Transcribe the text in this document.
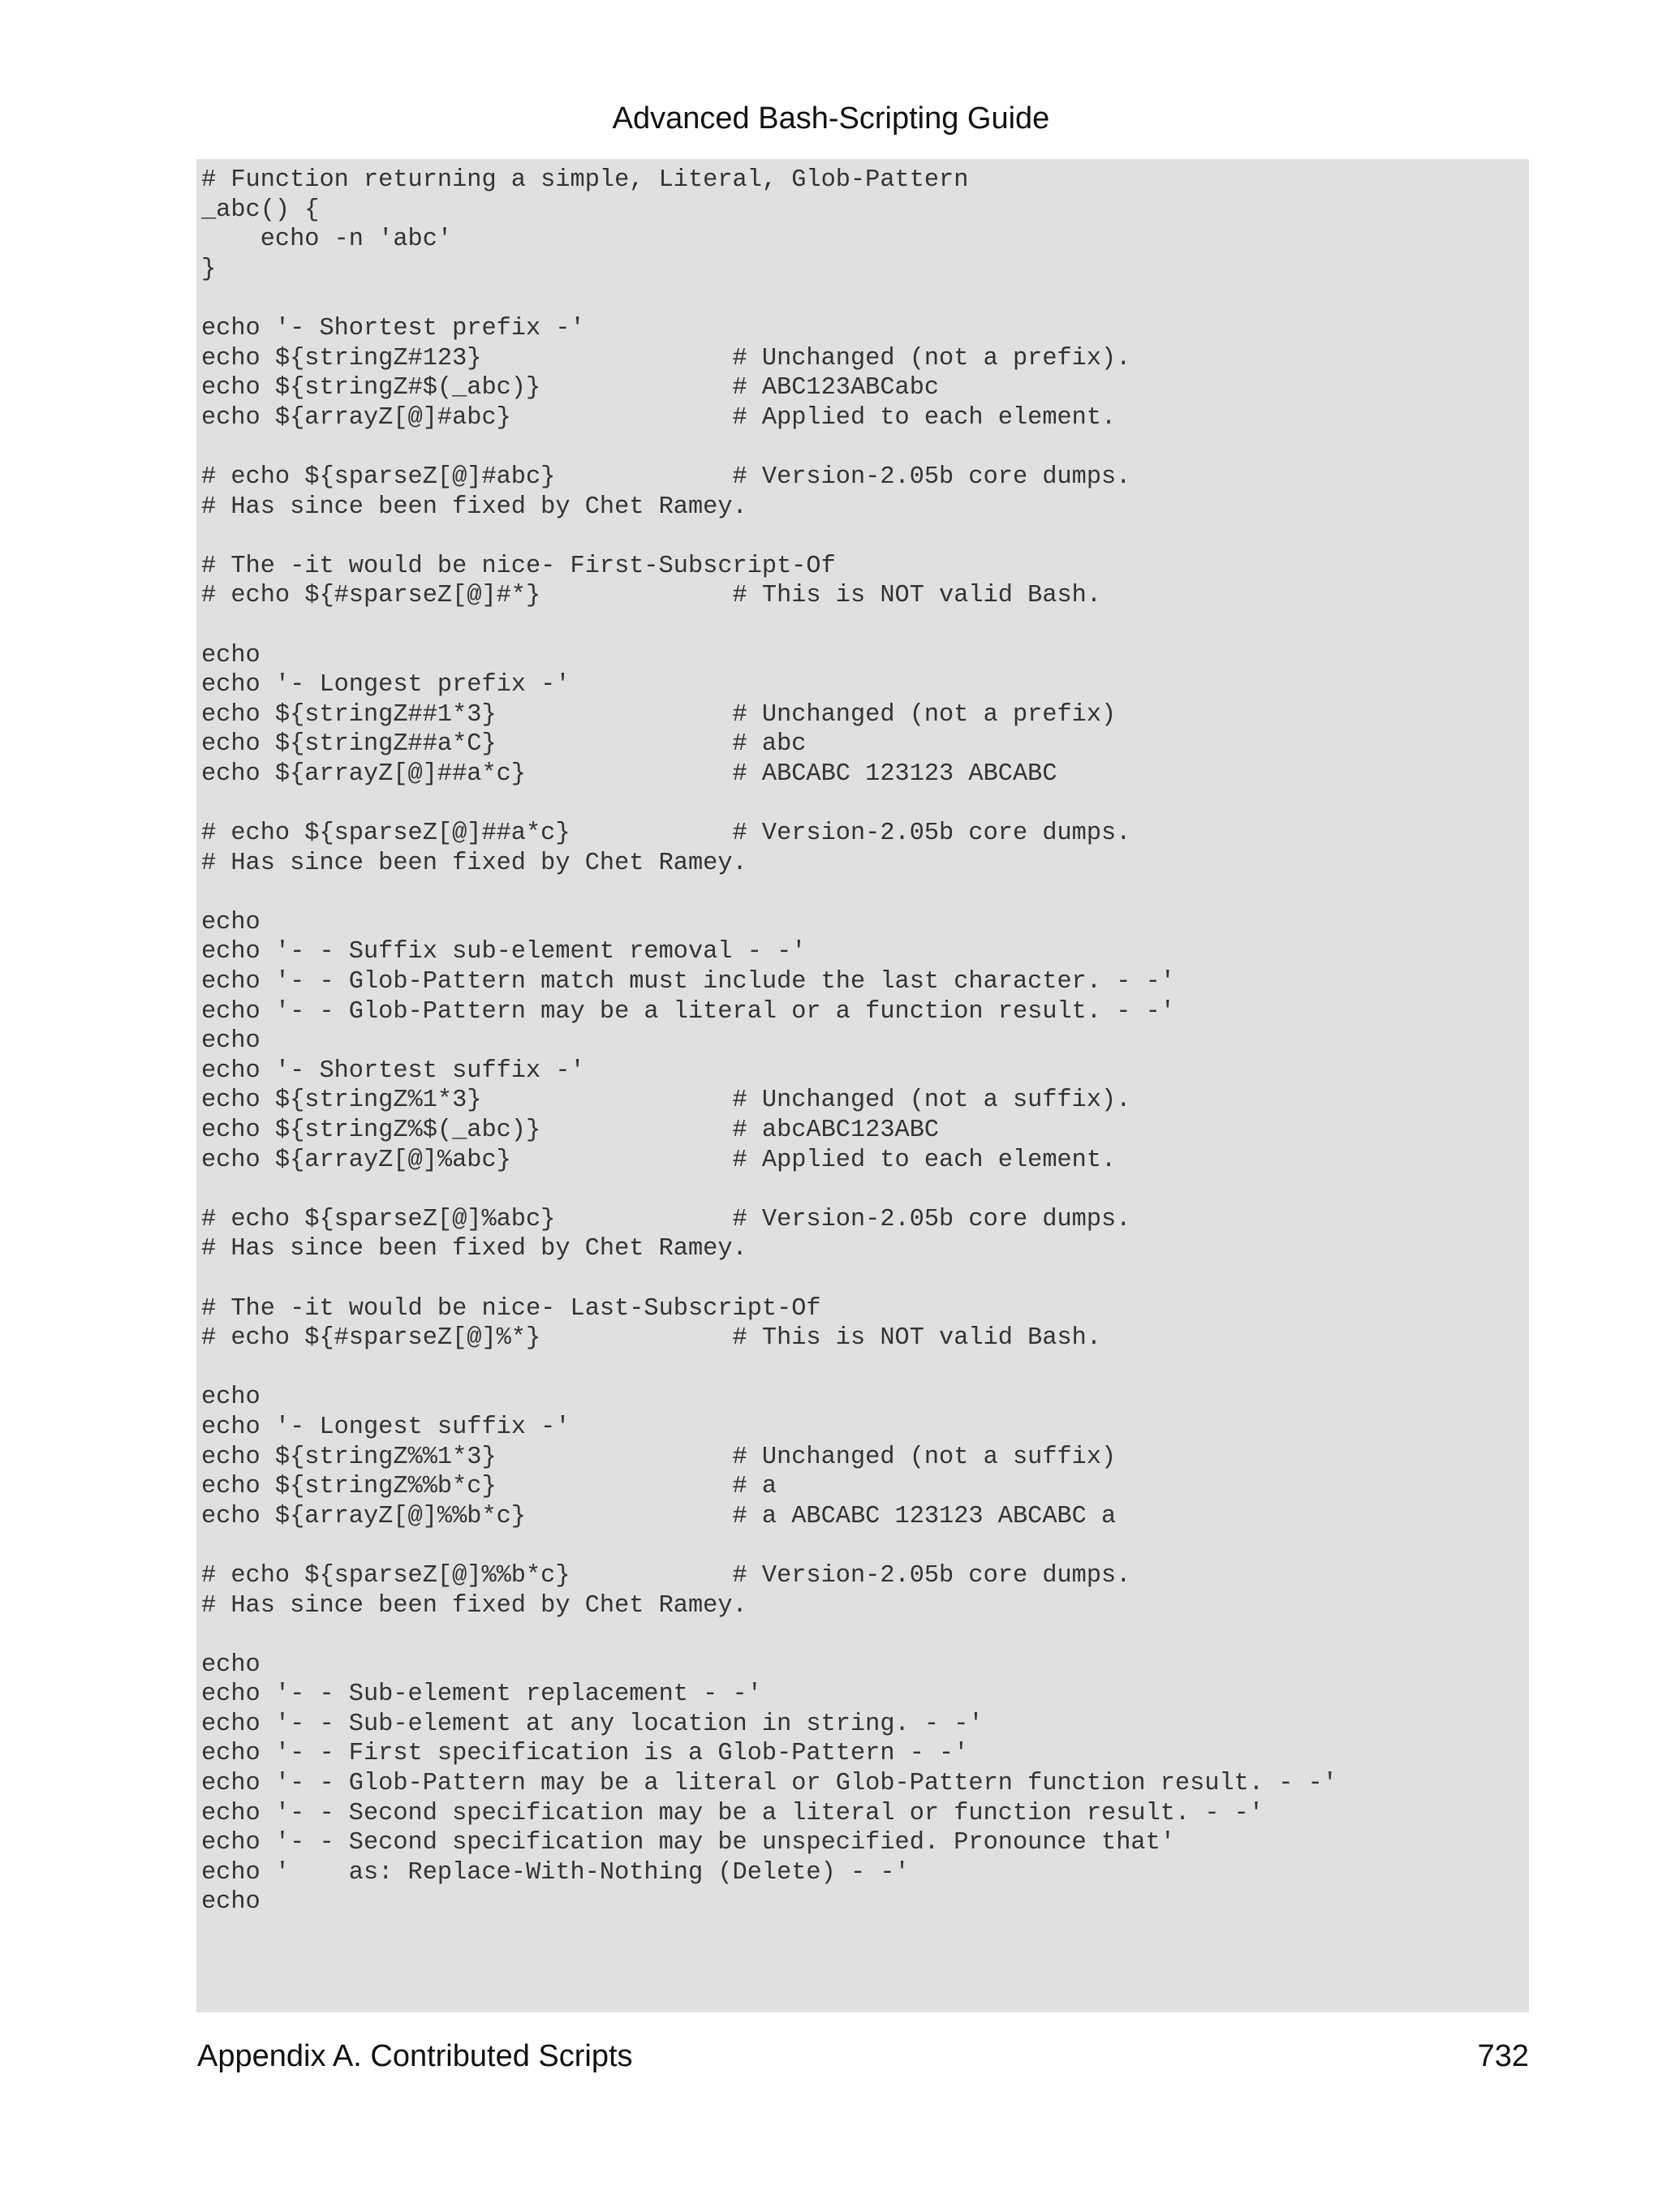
Advanced Bash-Scripting Guide
# Function returning a simple, Literal, Glob-Pattern
_abc() {
echo -n 'abc'
}
echo '- Shortest prefix -'
echo ${stringZ#123}                 # Unchanged (not a prefix).
echo ${stringZ#$(_abc)}             # ABC123ABCabc
echo ${arrayZ[@]#abc}               # Applied to each element.
# echo ${sparseZ[@]#abc}            # Version-2.05b core dumps.
# Has since been fixed by Chet Ramey.
# The -it would be nice- First-Subscript-Of
# echo ${#sparseZ[@]#*}             # This is NOT valid Bash.
echo
echo '- Longest prefix -'
echo ${stringZ##1*3}                # Unchanged (not a prefix)
echo ${stringZ##a*C}                # abc
echo ${arrayZ[@]##a*c}              # ABCABC 123123 ABCABC
# echo ${sparseZ[@]##a*c}           # Version-2.05b core dumps.
# Has since been fixed by Chet Ramey.
echo
echo '- - Suffix sub-element removal - -'
echo '- - Glob-Pattern match must include the last character. - -'
echo '- - Glob-Pattern may be a literal or a function result. - -'
echo
echo '- Shortest suffix -'
echo ${stringZ%1*3}                 # Unchanged (not a suffix).
echo ${stringZ%$(_abc)}             # abcABC123ABC
echo ${arrayZ[@]%abc}               # Applied to each element.
# echo ${sparseZ[@]%abc}            # Version-2.05b core dumps.
# Has since been fixed by Chet Ramey.
# The -it would be nice- Last-Subscript-Of
# echo ${#sparseZ[@]%*}             # This is NOT valid Bash.
echo
echo '- Longest suffix -'
echo ${stringZ%%1*3}                # Unchanged (not a suffix)
echo ${stringZ%%b*c}                # a
echo ${arrayZ[@]%%b*c}              # a ABCABC 123123 ABCABC a
# echo ${sparseZ[@]%%b*c}           # Version-2.05b core dumps.
# Has since been fixed by Chet Ramey.
echo
echo '- - Sub-element replacement - -'
echo '- - Sub-element at any location in string. - -'
echo '- - First specification is a Glob-Pattern - -'
echo '- - Glob-Pattern may be a literal or Glob-Pattern function result. - -'
echo '- - Second specification may be a literal or function result. - -'
echo '- - Second specification may be unspecified. Pronounce that'
echo '    as: Replace-With-Nothing (Delete) - -'
echo
Appendix A. Contributed Scripts	732
